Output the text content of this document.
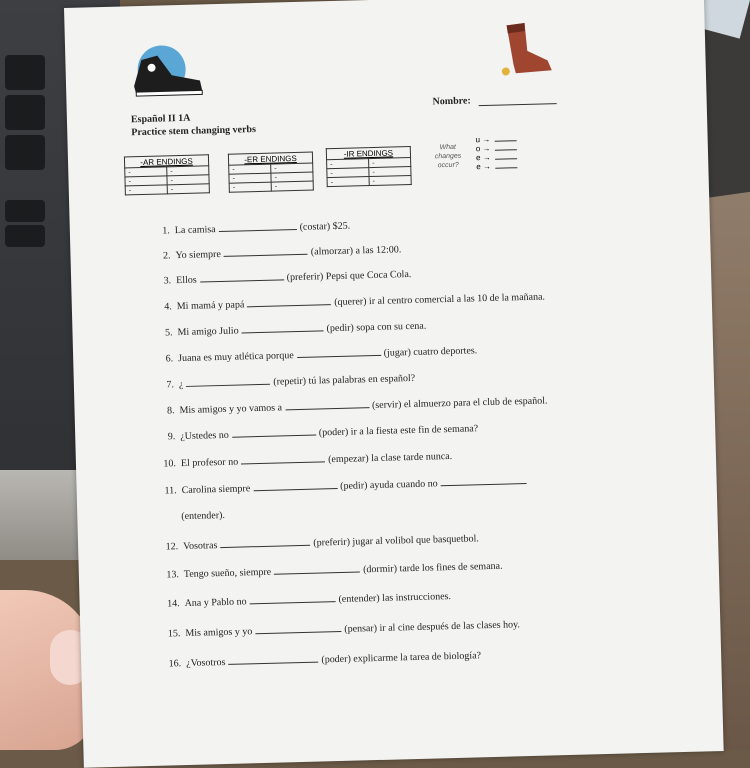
Español II 1A
Practice stem changing verbs
Nombre:
-AR ENDINGS	
-	-
-	-
-	-
-ER ENDINGS	
-	-
-	-
-	-
-IR ENDINGS	
-	-
-	-
-	-
What changes occur?
u →
o →
e →
e →
1. La camisa	(costar) $25.
2. Yo siempre	(almorzar) a las 12:00.
3. Ellos	(preferir) Pepsi que Coca Cola.
4. Mi mamá y papá	(querer) ir al centro comercial a las 10 de la mañana.
5. Mi amigo Julio	(pedir) sopa con su cena.
6. Juana es muy atlética porque	(jugar) cuatro deportes.
7. ¿	(repetir) tú las palabras en español?
8. Mis amigos y yo vamos a	(servir) el almuerzo para el club de español.
9. ¿Ustedes no	(poder) ir a la fiesta este fin de semana?
10. El profesor no	(empezar) la clase tarde nunca.
11. Carolina siempre	(pedir) ayuda cuando no
(entender).
12. Vosotras	(preferir) jugar al volibol que basquetbol.
13. Tengo sueño, siempre	(dormir) tarde los fines de semana.
14. Ana y Pablo no	(entender) las instrucciones.
15. Mis amigos y yo	(pensar) ir al cine después de las clases hoy.
16. ¿Vosotros	(poder) explicarme la tarea de biología?
